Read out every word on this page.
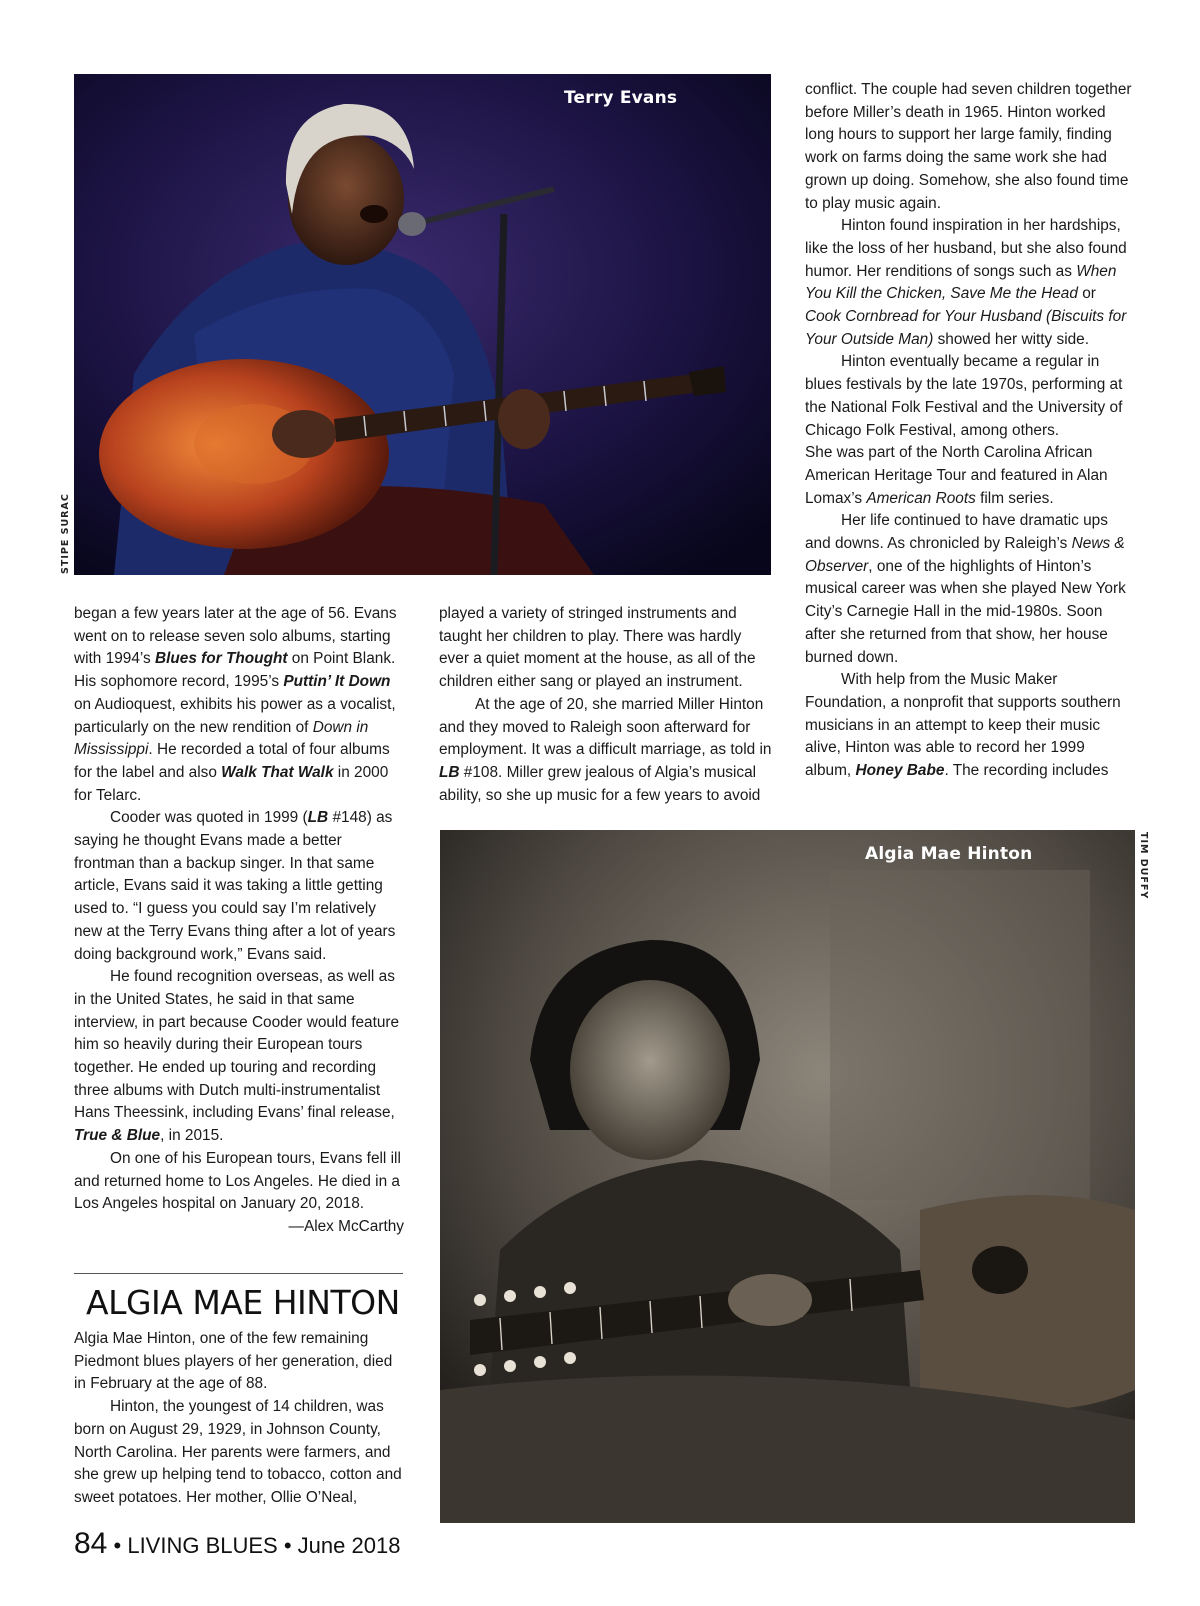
Terry Evans
STIPE SURAC

began a few years later at the age of 56. Evans went on to release seven solo albums, starting with 1994’s Blues for Thought on Point Blank. His sophomore record, 1995’s Puttin’ It Down on Audioquest, exhibits his power as a vocalist, particularly on the new rendition of Down in Mississippi. He recorded a total of four albums for the label and also Walk That Walk in 2000 for Telarc.

Cooder was quoted in 1999 (LB #148) as saying he thought Evans made a better frontman than a backup singer. In that same article, Evans said it was taking a little getting used to. “I guess you could say I’m relatively new at the Terry Evans thing after a lot of years doing background work,” Evans said.

He found recognition overseas, as well as in the United States, he said in that same interview, in part because Cooder would feature him so heavily during their European tours together. He ended up touring and recording three albums with Dutch multi-instrumentalist Hans Theessink, including Evans’ final release, True & Blue, in 2015.

On one of his European tours, Evans fell ill and returned home to Los Angeles. He died in a Los Angeles hospital on January 20, 2018.

—Alex McCarthy

ALGIA MAE HINTON

Algia Mae Hinton, one of the few remaining Piedmont blues players of her generation, died in February at the age of 88.

Hinton, the youngest of 14 children, was born on August 29, 1929, in Johnson County, North Carolina. Her parents were farmers, and she grew up helping tend to tobacco, cotton and sweet potatoes. Her mother, Ollie O’Neal,

played a variety of stringed instruments and taught her children to play. There was hardly ever a quiet moment at the house, as all of the children either sang or played an instrument.

At the age of 20, she married Miller Hinton and they moved to Raleigh soon afterward for employment. It was a difficult marriage, as told in LB #108. Miller grew jealous of Algia’s musical ability, so she up music for a few years to avoid

conflict. The couple had seven children together before Miller’s death in 1965. Hinton worked long hours to support her large family, finding work on farms doing the same work she had grown up doing. Somehow, she also found time to play music again.

Hinton found inspiration in her hardships, like the loss of her husband, but she also found humor. Her renditions of songs such as When You Kill the Chicken, Save Me the Head or Cook Cornbread for Your Husband (Biscuits for Your Outside Man) showed her witty side.

Hinton eventually became a regular in blues festivals by the late 1970s, performing at the National Folk Festival and the University of Chicago Folk Festival, among others.

She was part of the North Carolina African American Heritage Tour and featured in Alan Lomax’s American Roots film series.

Her life continued to have dramatic ups and downs. As chronicled by Raleigh’s News & Observer, one of the highlights of Hinton’s musical career was when she played New York City’s Carnegie Hall in the mid-1980s. Soon after she returned from that show, her house burned down.

With help from the Music Maker Foundation, a nonprofit that supports southern musicians in an attempt to keep their music alive, Hinton was able to record her 1999 album, Honey Babe. The recording includes

Algia Mae Hinton	TIM DUFFY
84 • LIVING BLUES • June 2018
